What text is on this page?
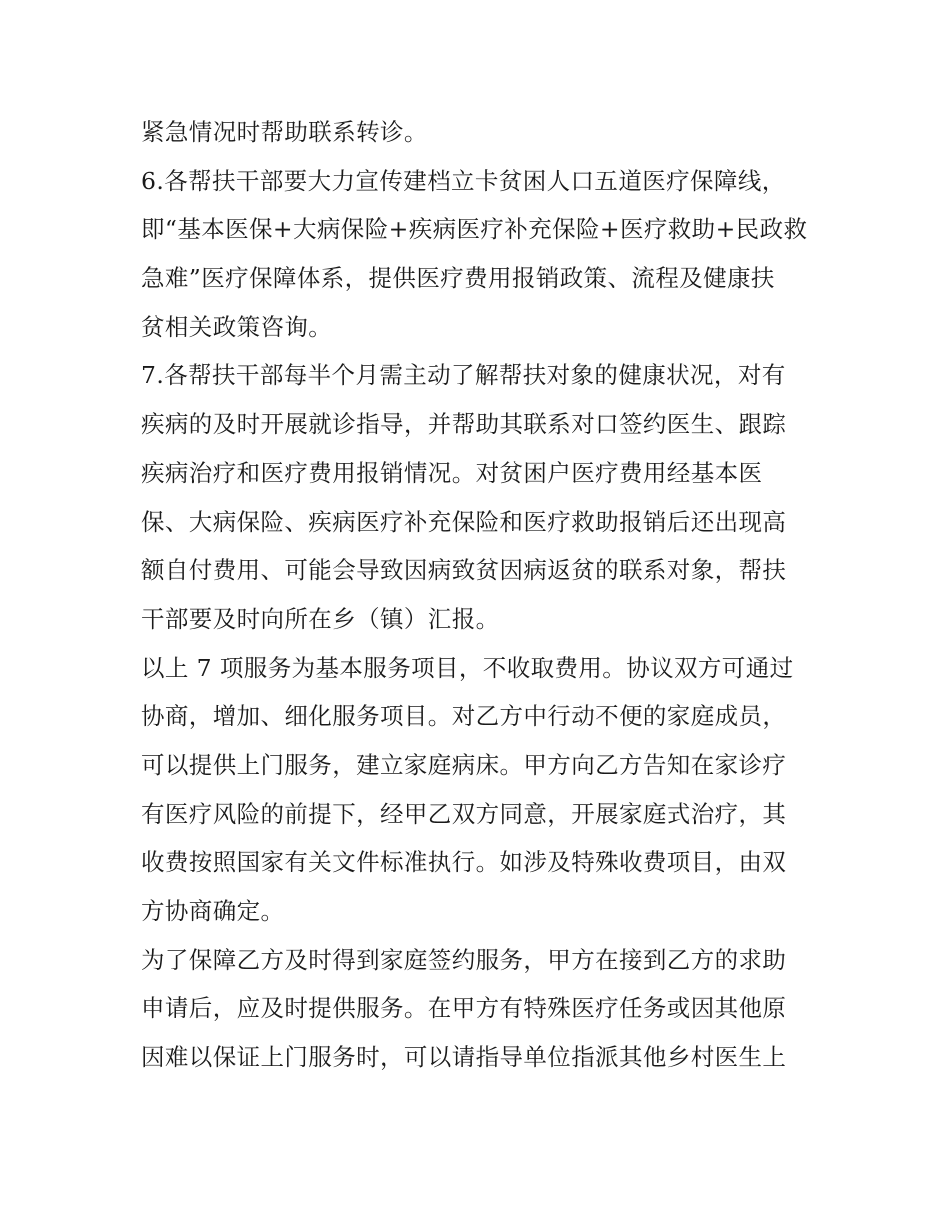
紧急情况时帮助联系转诊。
6.各帮扶干部要大力宣传建档立卡贫困人口五道医疗保障线，
即“基本医保+大病保险+疾病医疗补充保险+医疗救助+民政救
急难”医疗保障体系，提供医疗费用报销政策、流程及健康扶
贫相关政策咨询。
7.各帮扶干部每半个月需主动了解帮扶对象的健康状况，对有
疾病的及时开展就诊指导，并帮助其联系对口签约医生、跟踪
疾病治疗和医疗费用报销情况。对贫困户医疗费用经基本医
保、大病保险、疾病医疗补充保险和医疗救助报销后还出现高
额自付费用、可能会导致因病致贫因病返贫的联系对象，帮扶
干部要及时向所在乡（镇）汇报。
以上 7 项服务为基本服务项目，不收取费用。协议双方可通过
协商，增加、细化服务项目。对乙方中行动不便的家庭成员，
可以提供上门服务，建立家庭病床。甲方向乙方告知在家诊疗
有医疗风险的前提下，经甲乙双方同意，开展家庭式治疗，其
收费按照国家有关文件标准执行。如涉及特殊收费项目，由双
方协商确定。
为了保障乙方及时得到家庭签约服务，甲方在接到乙方的求助
申请后，应及时提供服务。在甲方有特殊医疗任务或因其他原
因难以保证上门服务时，可以请指导单位指派其他乡村医生上
